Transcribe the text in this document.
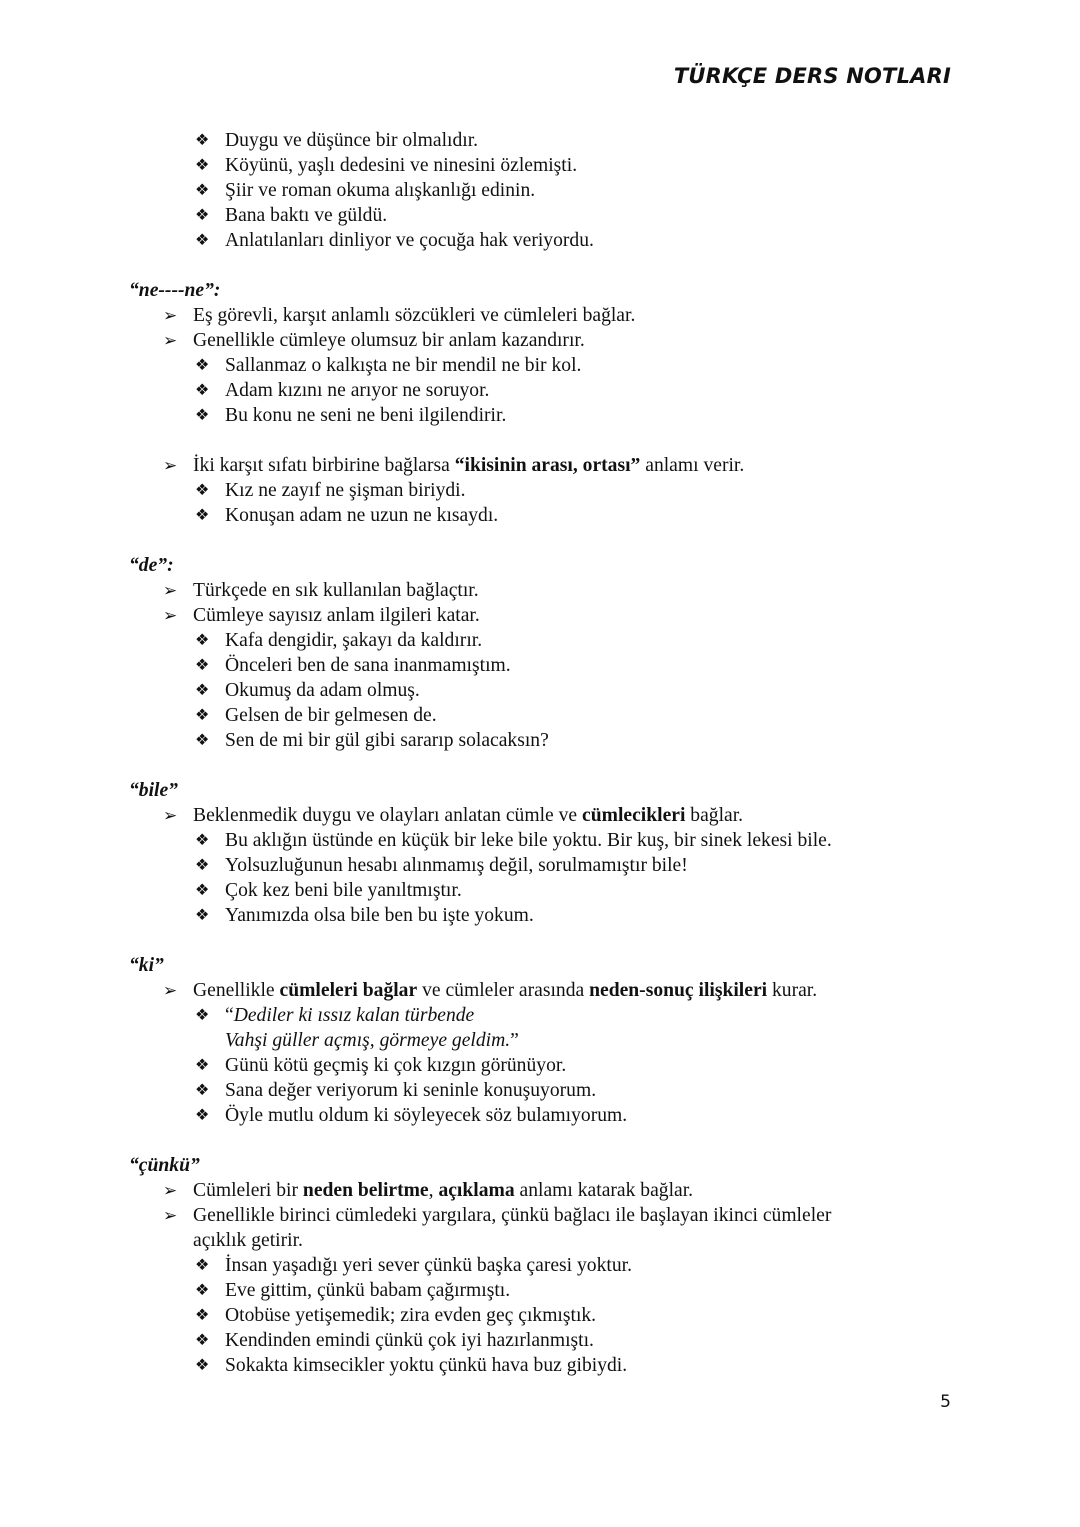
TÜRKÇE DERS NOTLARI
❖ Duygu ve düşünce bir olmalıdır.
❖ Köyünü, yaşlı dedesini ve ninesini özlemişti.
❖ Şiir ve roman okuma alışkanlığı edinin.
❖ Bana baktı ve güldü.
❖ Anlatılanları dinliyor ve çocuğa hak veriyordu.
“ne----ne”:
➢ Eş görevli, karşıt anlamlı sözcükleri ve cümleleri bağlar.
➢ Genellikle cümleye olumsuz bir anlam kazandırır.
❖ Sallanmaz o kalkışta ne bir mendil ne bir kol.
❖ Adam kızını ne arıyor ne soruyor.
❖ Bu konu ne seni ne beni ilgilendirir.
➢ İki karşıt sıfatı birbirine bağlarsa “ikisinin arası, ortası” anlamı verir.
❖ Kız ne zayıf ne şişman biriydi.
❖ Konuşan adam ne uzun ne kısaydı.
“de”:
➢ Türkçede en sık kullanılan bağlaçtır.
➢ Cümleye sayısız anlam ilgileri katar.
❖ Kafa dengidir, şakayı da kaldırır.
❖ Önceleri ben de sana inanmamıştım.
❖ Okumuş da adam olmuş.
❖ Gelsen de bir gelmesen de.
❖ Sen de mi bir gül gibi sararıp solacaksın?
“bile”
➢ Beklenmedik duygu ve olayları anlatan cümle ve cümlecikleri bağlar.
❖ Bu aklığın üstünde en küçük bir leke bile yoktu. Bir kuş, bir sinek lekesi bile.
❖ Yolsuzluğunun hesabı alınmamış değil, sorulmamıştır bile!
❖ Çok kez beni bile yanıltmıştır.
❖ Yanımızda olsa bile ben bu işte yokum.
“ki”
➢ Genellikle cümleleri bağlar ve cümleler arasında neden-sonuç ilişkileri kurar.
❖ “Dediler ki ıssız kalan türbende
Vahşi güller açmış, görmeye geldim.”
❖ Günü kötü geçmiş ki çok kızgın görünüyor.
❖ Sana değer veriyorum ki seninle konuşuyorum.
❖ Öyle mutlu oldum ki söyleyecek söz bulamıyorum.
“çünkü”
➢ Cümleleri bir neden belirtme, açıklama anlamı katarak bağlar.
➢ Genellikle birinci cümledeki yargılara, çünkü bağlacı ile başlayan ikinci cümleler
açıklık getirir.
❖ İnsan yaşadığı yeri sever çünkü başka çaresi yoktur.
❖ Eve gittim, çünkü babam çağırmıştı.
❖ Otobüse yetişemedik; zira evden geç çıkmıştık.
❖ Kendinden emindi çünkü çok iyi hazırlanmıştı.
❖ Sokakta kimsecikler yoktu çünkü hava buz gibiydi.
5
